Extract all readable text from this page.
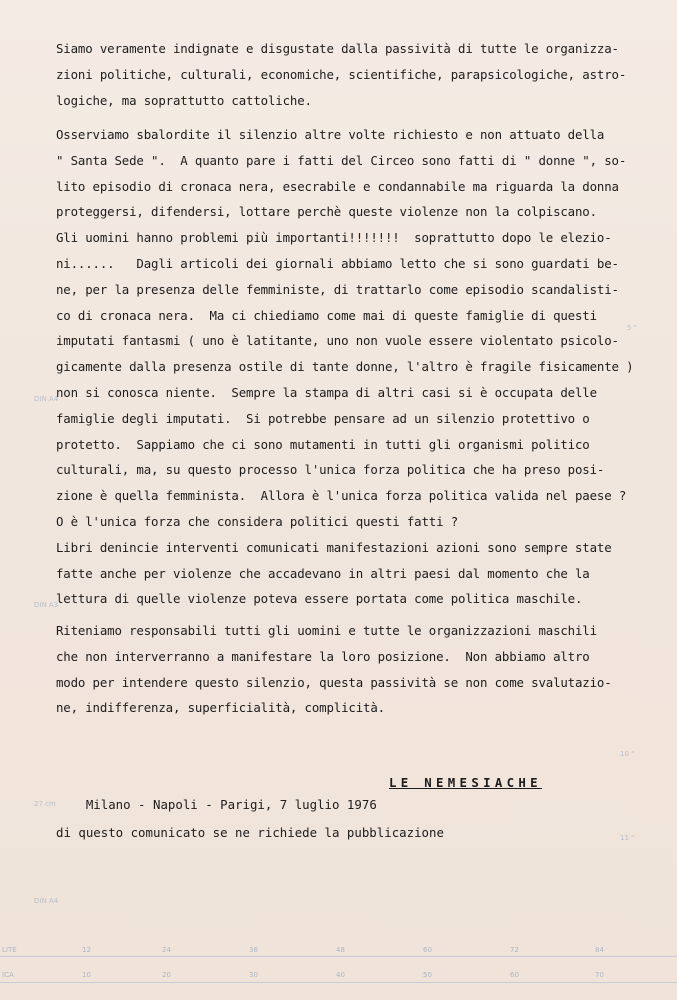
Siamo veramente indignate e disgustate dalla passività di tutte le organizza-
zioni politiche, culturali, economiche, scientifiche, parapsicologiche, astro-
logiche, ma soprattutto cattoliche.
Osserviamo sbalordite il silenzio altre volte richiesto e non attuato della
" Santa Sede ".  A quanto pare i fatti del Circeo sono fatti di " donne ", so-
lito episodio di cronaca nera, esecrabile e condannabile ma riguarda la donna
proteggersi, difendersi, lottare perchè queste violenze non la colpiscano.
Gli uomini hanno problemi più importanti!!!!!!!  soprattutto dopo le elezio-
ni......   Dagli articoli dei giornali abbiamo letto che si sono guardati be-
ne, per la presenza delle femministe, di trattarlo come episodio scandalisti-
co di cronaca nera.  Ma ci chiediamo come mai di queste famiglie di questi
imputati fantasmi ( uno è latitante, uno non vuole essere violentato psicolo-
gicamente dalla presenza ostile di tante donne, l'altro è fragile fisicamente )
non si conosca niente.  Sempre la stampa di altri casi si è occupata delle
famiglie degli imputati.  Si potrebbe pensare ad un silenzio protettivo o
protetto.  Sappiamo che ci sono mutamenti in tutti gli organismi politico
culturali, ma, su questo processo l'unica forza politica che ha preso posi-
zione è quella femminista.  Allora è l'unica forza politica valida nel paese ?
O è l'unica forza che considera politici questi fatti ?
Libri denincie interventi comunicati manifestazioni azioni sono sempre state
fatte anche per violenze che accadevano in altri paesi dal momento che la
lettura di quelle violenze poteva essere portata come politica maschile.
Riteniamo responsabili tutti gli uomini e tutte le organizzazioni maschili
che non interverranno a manifestare la loro posizione.  Non abbiamo altro
modo per intendere questo silenzio, questa passività se non come svalutazio-
ne, indifferenza, superficialità, complicità.

Milano - Napoli - Parigi, 7 luglio 1976

LE NEMESIACHE

di questo comunicato se ne richiede la pubblicazione
DIN A4
DIN A3
DIN A4
27 cm
5 "
10 "
11 "
LITE
ICA
12	24	36	48	60	72	84
10	20	30	40	50	60	70
